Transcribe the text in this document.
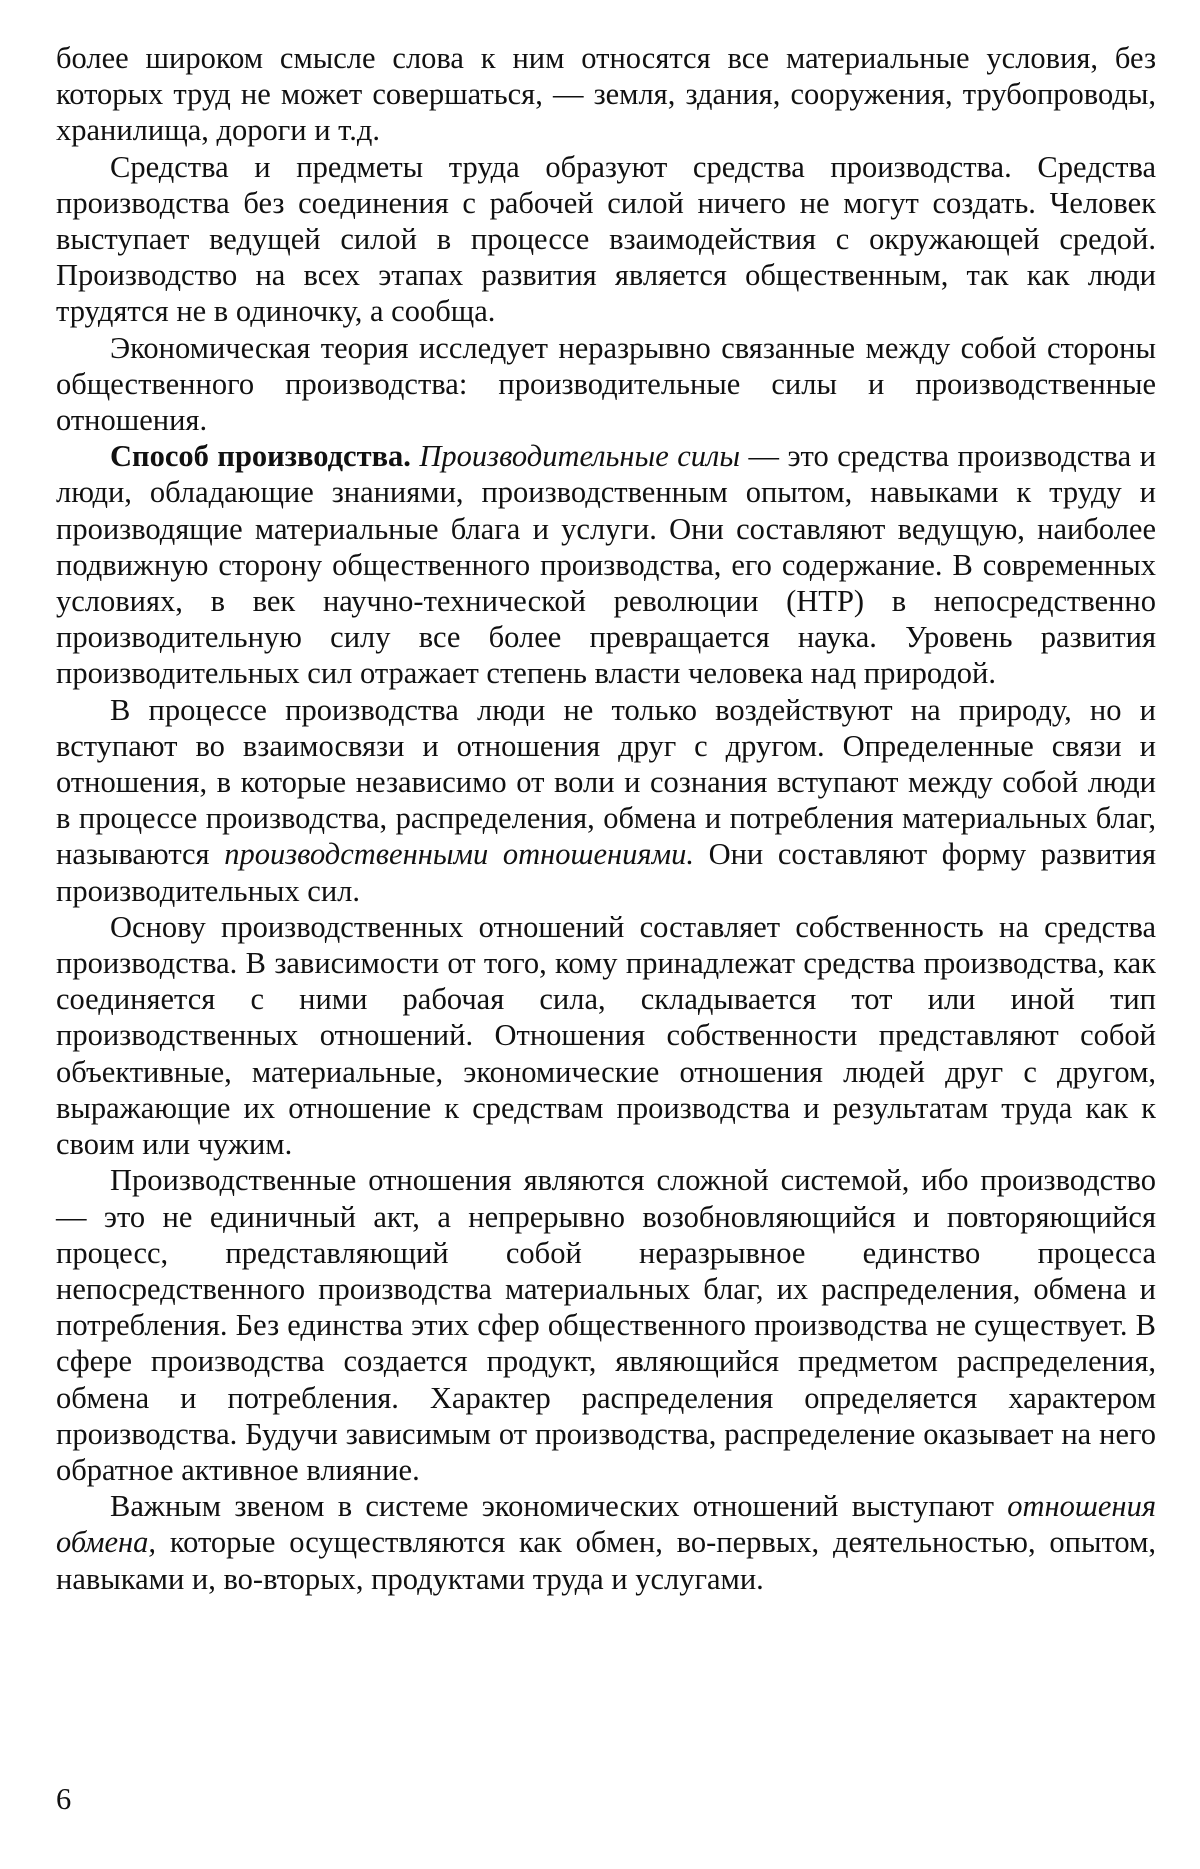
более широком смысле слова к ним относятся все материальные условия, без которых труд не может совершаться, — земля, здания, сооружения, трубопроводы, хранилища, дороги и т.д.

Средства и предметы труда образуют средства производства. Средства производства без соединения с рабочей силой ничего не могут создать. Человек выступает ведущей силой в процессе взаимодействия с окружающей средой. Производство на всех этапах развития является общественным, так как люди трудятся не в одиночку, а сообща.

Экономическая теория исследует неразрывно связанные между собой стороны общественного производства: производительные силы и производственные отношения.

Способ производства. Производительные силы — это средства производства и люди, обладающие знаниями, производственным опытом, навыками к труду и производящие материальные блага и услуги. Они составляют ведущую, наиболее подвижную сторону общественного производства, его содержание. В современных условиях, в век научно-технической революции (НТР) в непосредственно производительную силу все более превращается наука. Уровень развития производительных сил отражает степень власти человека над природой.

В процессе производства люди не только воздействуют на природу, но и вступают во взаимосвязи и отношения друг с другом. Определенные связи и отношения, в которые независимо от воли и сознания вступают между собой люди в процессе производства, распределения, обмена и потребления материальных благ, называются производственными отношениями. Они составляют форму развития производительных сил.

Основу производственных отношений составляет собственность на средства производства. В зависимости от того, кому принадлежат средства производства, как соединяется с ними рабочая сила, складывается тот или иной тип производственных отношений. Отношения собственности представляют собой объективные, материальные, экономические отношения людей друг с другом, выражающие их отношение к средствам производства и результатам труда как к своим или чужим.

Производственные отношения являются сложной системой, ибо производство — это не единичный акт, а непрерывно возобновляющийся и повторяющийся процесс, представляющий собой неразрывное единство процесса непосредственного производства материальных благ, их распределения, обмена и потребления. Без единства этих сфер общественного производства не существует. В сфере производства создается продукт, являющийся предметом распределения, обмена и потребления. Характер распределения определяется характером производства. Будучи зависимым от производства, распределение оказывает на него обратное активное влияние.

Важным звеном в системе экономических отношений выступают отношения обмена, которые осуществляются как обмен, во-первых, деятельностью, опытом, навыками и, во-вторых, продуктами труда и услугами.

6
